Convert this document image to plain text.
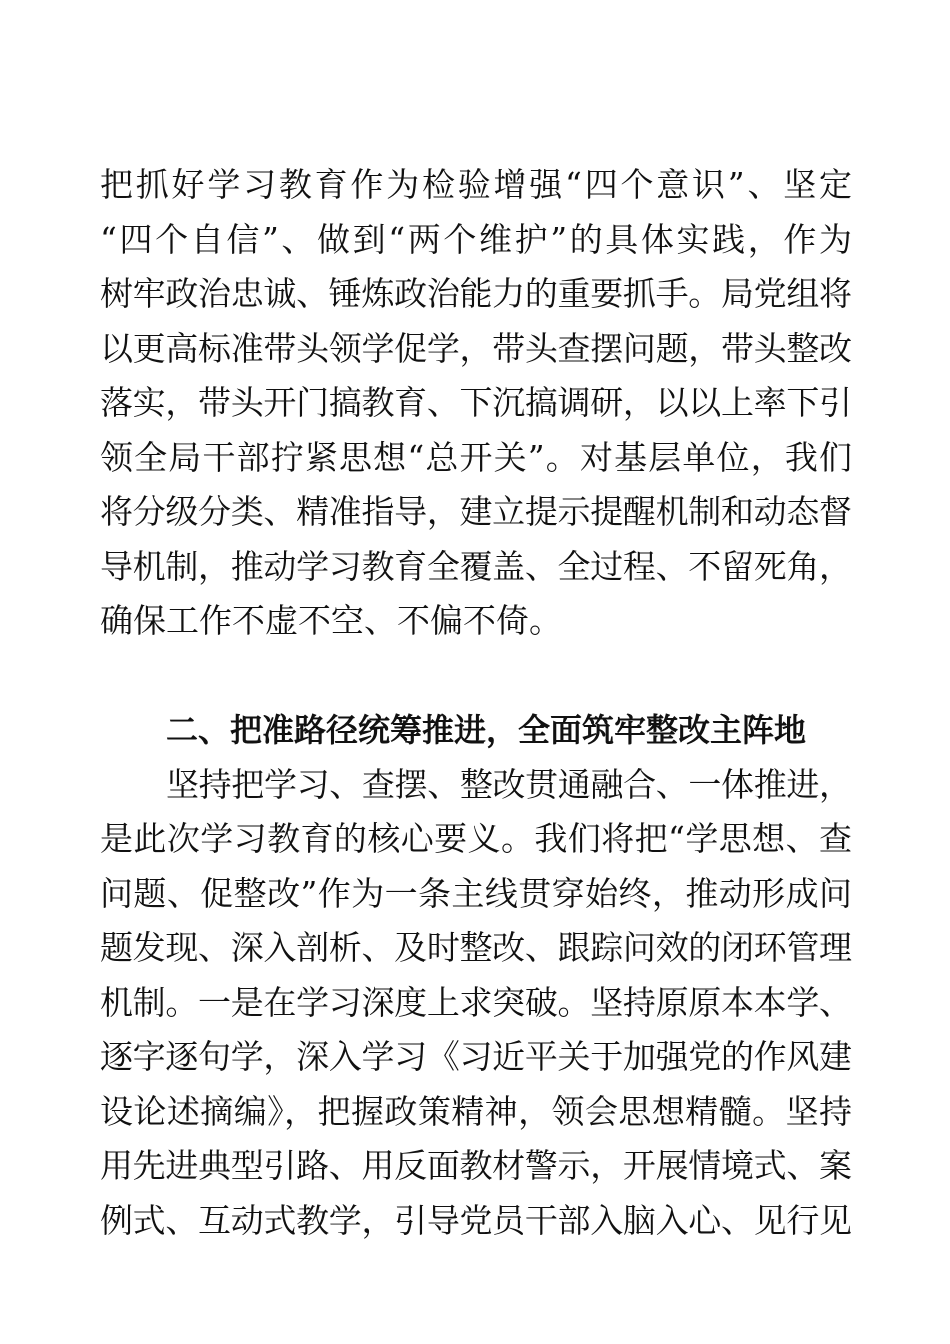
把抓好学习教育作为检验增强“四个意识”、坚定
“四个自信”、做到“两个维护”的具体实践，作为
树牢政治忠诚、锤炼政治能力的重要抓手。局党组将
以更高标准带头领学促学，带头查摆问题，带头整改
落实，带头开门搞教育、下沉搞调研，以以上率下引
领全局干部拧紧思想“总开关”。对基层单位，我们
将分级分类、精准指导，建立提示提醒机制和动态督
导机制，推动学习教育全覆盖、全过程、不留死角，
确保工作不虚不空、不偏不倚。
二、把准路径统筹推进，全面筑牢整改主阵地
坚持把学习、查摆、整改贯通融合、一体推进，
是此次学习教育的核心要义。我们将把“学思想、查
问题、促整改”作为一条主线贯穿始终，推动形成问
题发现、深入剖析、及时整改、跟踪问效的闭环管理
机制。一是在学习深度上求突破。坚持原原本本学、
逐字逐句学，深入学习《习近平关于加强党的作风建
设论述摘编》，把握政策精神，领会思想精髓。坚持
用先进典型引路、用反面教材警示，开展情境式、案
例式、互动式教学，引导党员干部入脑入心、见行见
